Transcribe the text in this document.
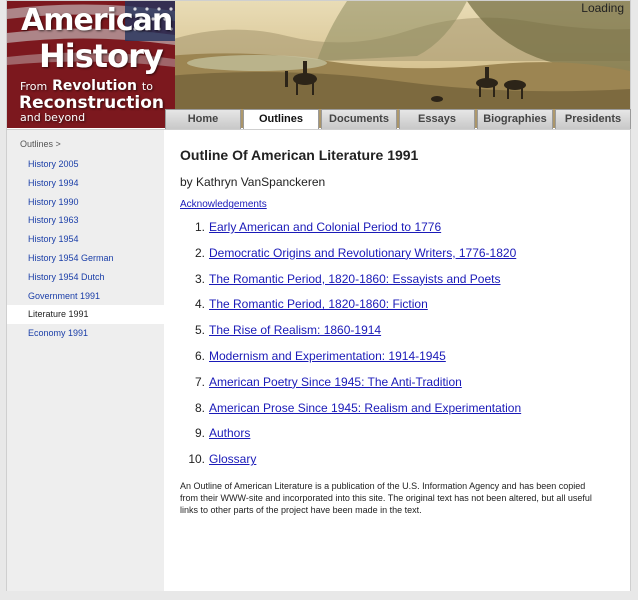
American

History

From Revolution to

Reconstruction

and beyond

Loading

Home	Outlines	Documents	Essays	Biographies	Presidents

Outlines >

History 2005
History 1994
History 1990
History 1963
History 1954
History 1954 German
History 1954 Dutch
Government 1991
Literature 1991
Economy 1991
Outline Of American Literature 1991

by Kathryn VanSpanckeren

Acknowledgements
1. Early American and Colonial Period to 1776
2. Democratic Origins and Revolutionary Writers, 1776-1820
3. The Romantic Period, 1820-1860: Essayists and Poets
4. The Romantic Period, 1820-1860: Fiction
5. The Rise of Realism: 1860-1914
6. Modernism and Experimentation: 1914-1945
7. American Poetry Since 1945: The Anti-Tradition
8. American Prose Since 1945: Realism and Experimentation
9. Authors
10. Glossary

An Outline of American Literature is a publication of the U.S. Information Agency and has been copied from their WWW-site and incorporated into this site. The original text has not been altered, but all useful links to other parts of the project have been made in the text.
